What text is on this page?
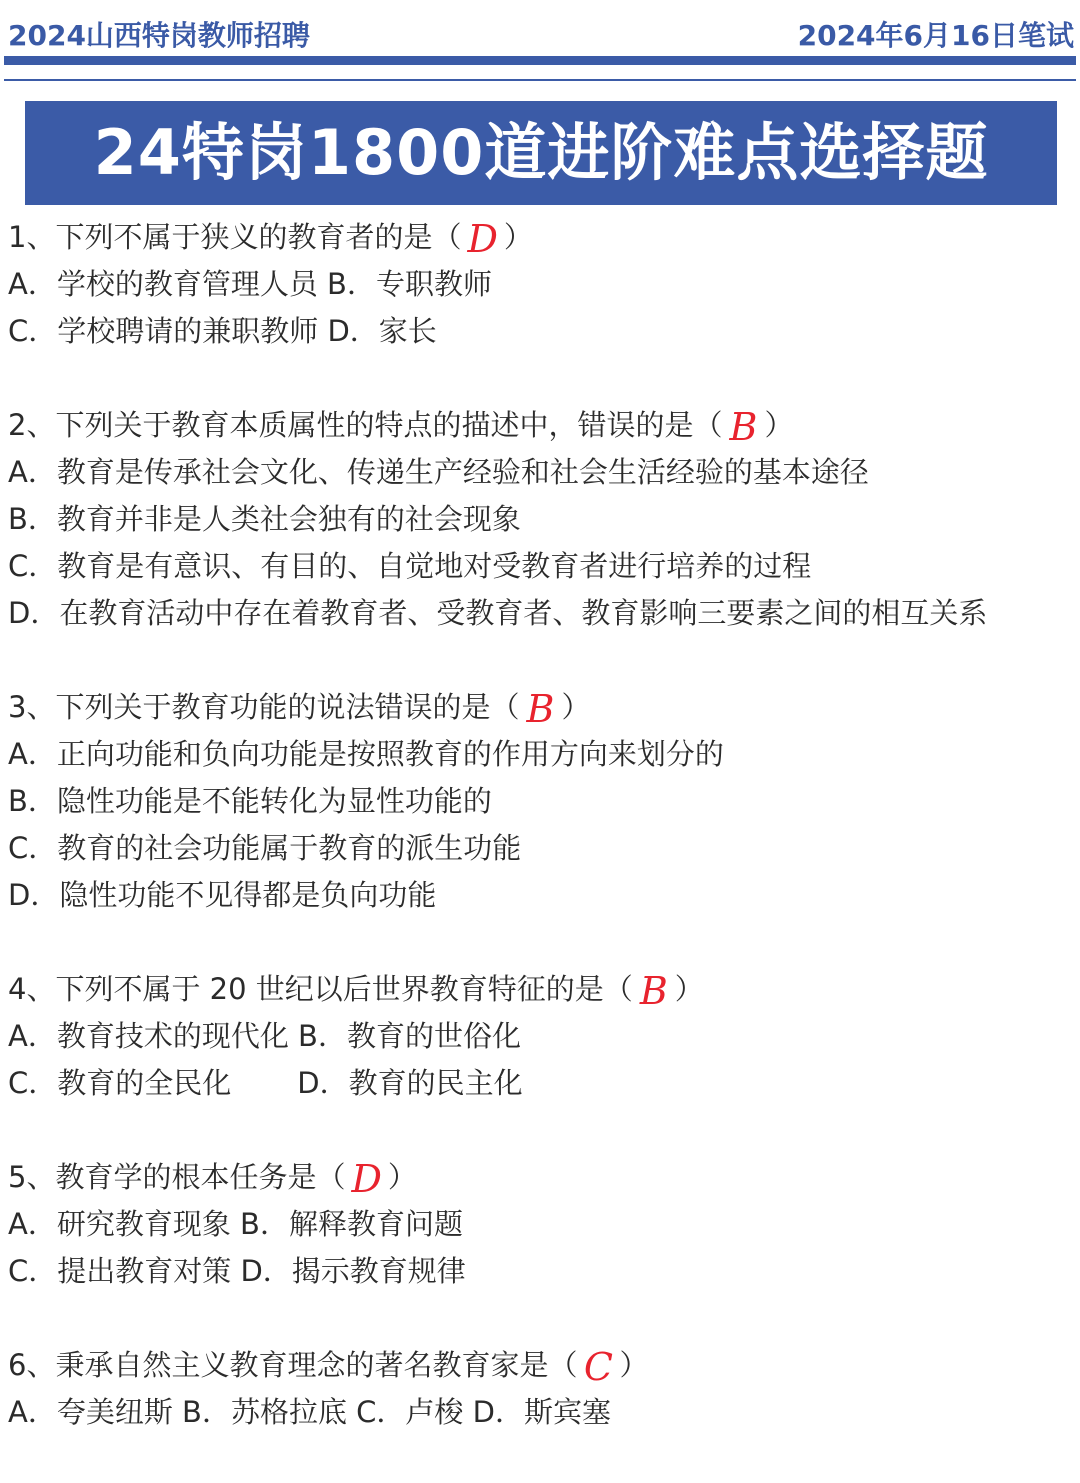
2024山西特岗教师招聘	2024年6月16日笔试
24特岗1800道进阶难点选择题
1、下列不属于狭义的教育者的是（ D ）
A．学校的教育管理人员 B．专职教师
C．学校聘请的兼职教师 D．家长
2、下列关于教育本质属性的特点的描述中，错误的是（ B ）
A．教育是传承社会文化、传递生产经验和社会生活经验的基本途径
B．教育并非是人类社会独有的社会现象
C．教育是有意识、有目的、自觉地对受教育者进行培养的过程
D．在教育活动中存在着教育者、受教育者、教育影响三要素之间的相互关系
3、下列关于教育功能的说法错误的是（ B ）
A．正向功能和负向功能是按照教育的作用方向来划分的
B．隐性功能是不能转化为显性功能的
C．教育的社会功能属于教育的派生功能
D．隐性功能不见得都是负向功能
4、下列不属于 20 世纪以后世界教育特征的是（ B ）
A．教育技术的现代化 B．教育的世俗化
C．教育的全民化 D．教育的民主化
5、教育学的根本任务是（ D ）
A．研究教育现象 B．解释教育问题
C．提出教育对策 D．揭示教育规律
6、秉承自然主义教育理念的著名教育家是（ C ）
A．夸美纽斯 B．苏格拉底 C．卢梭 D．斯宾塞
